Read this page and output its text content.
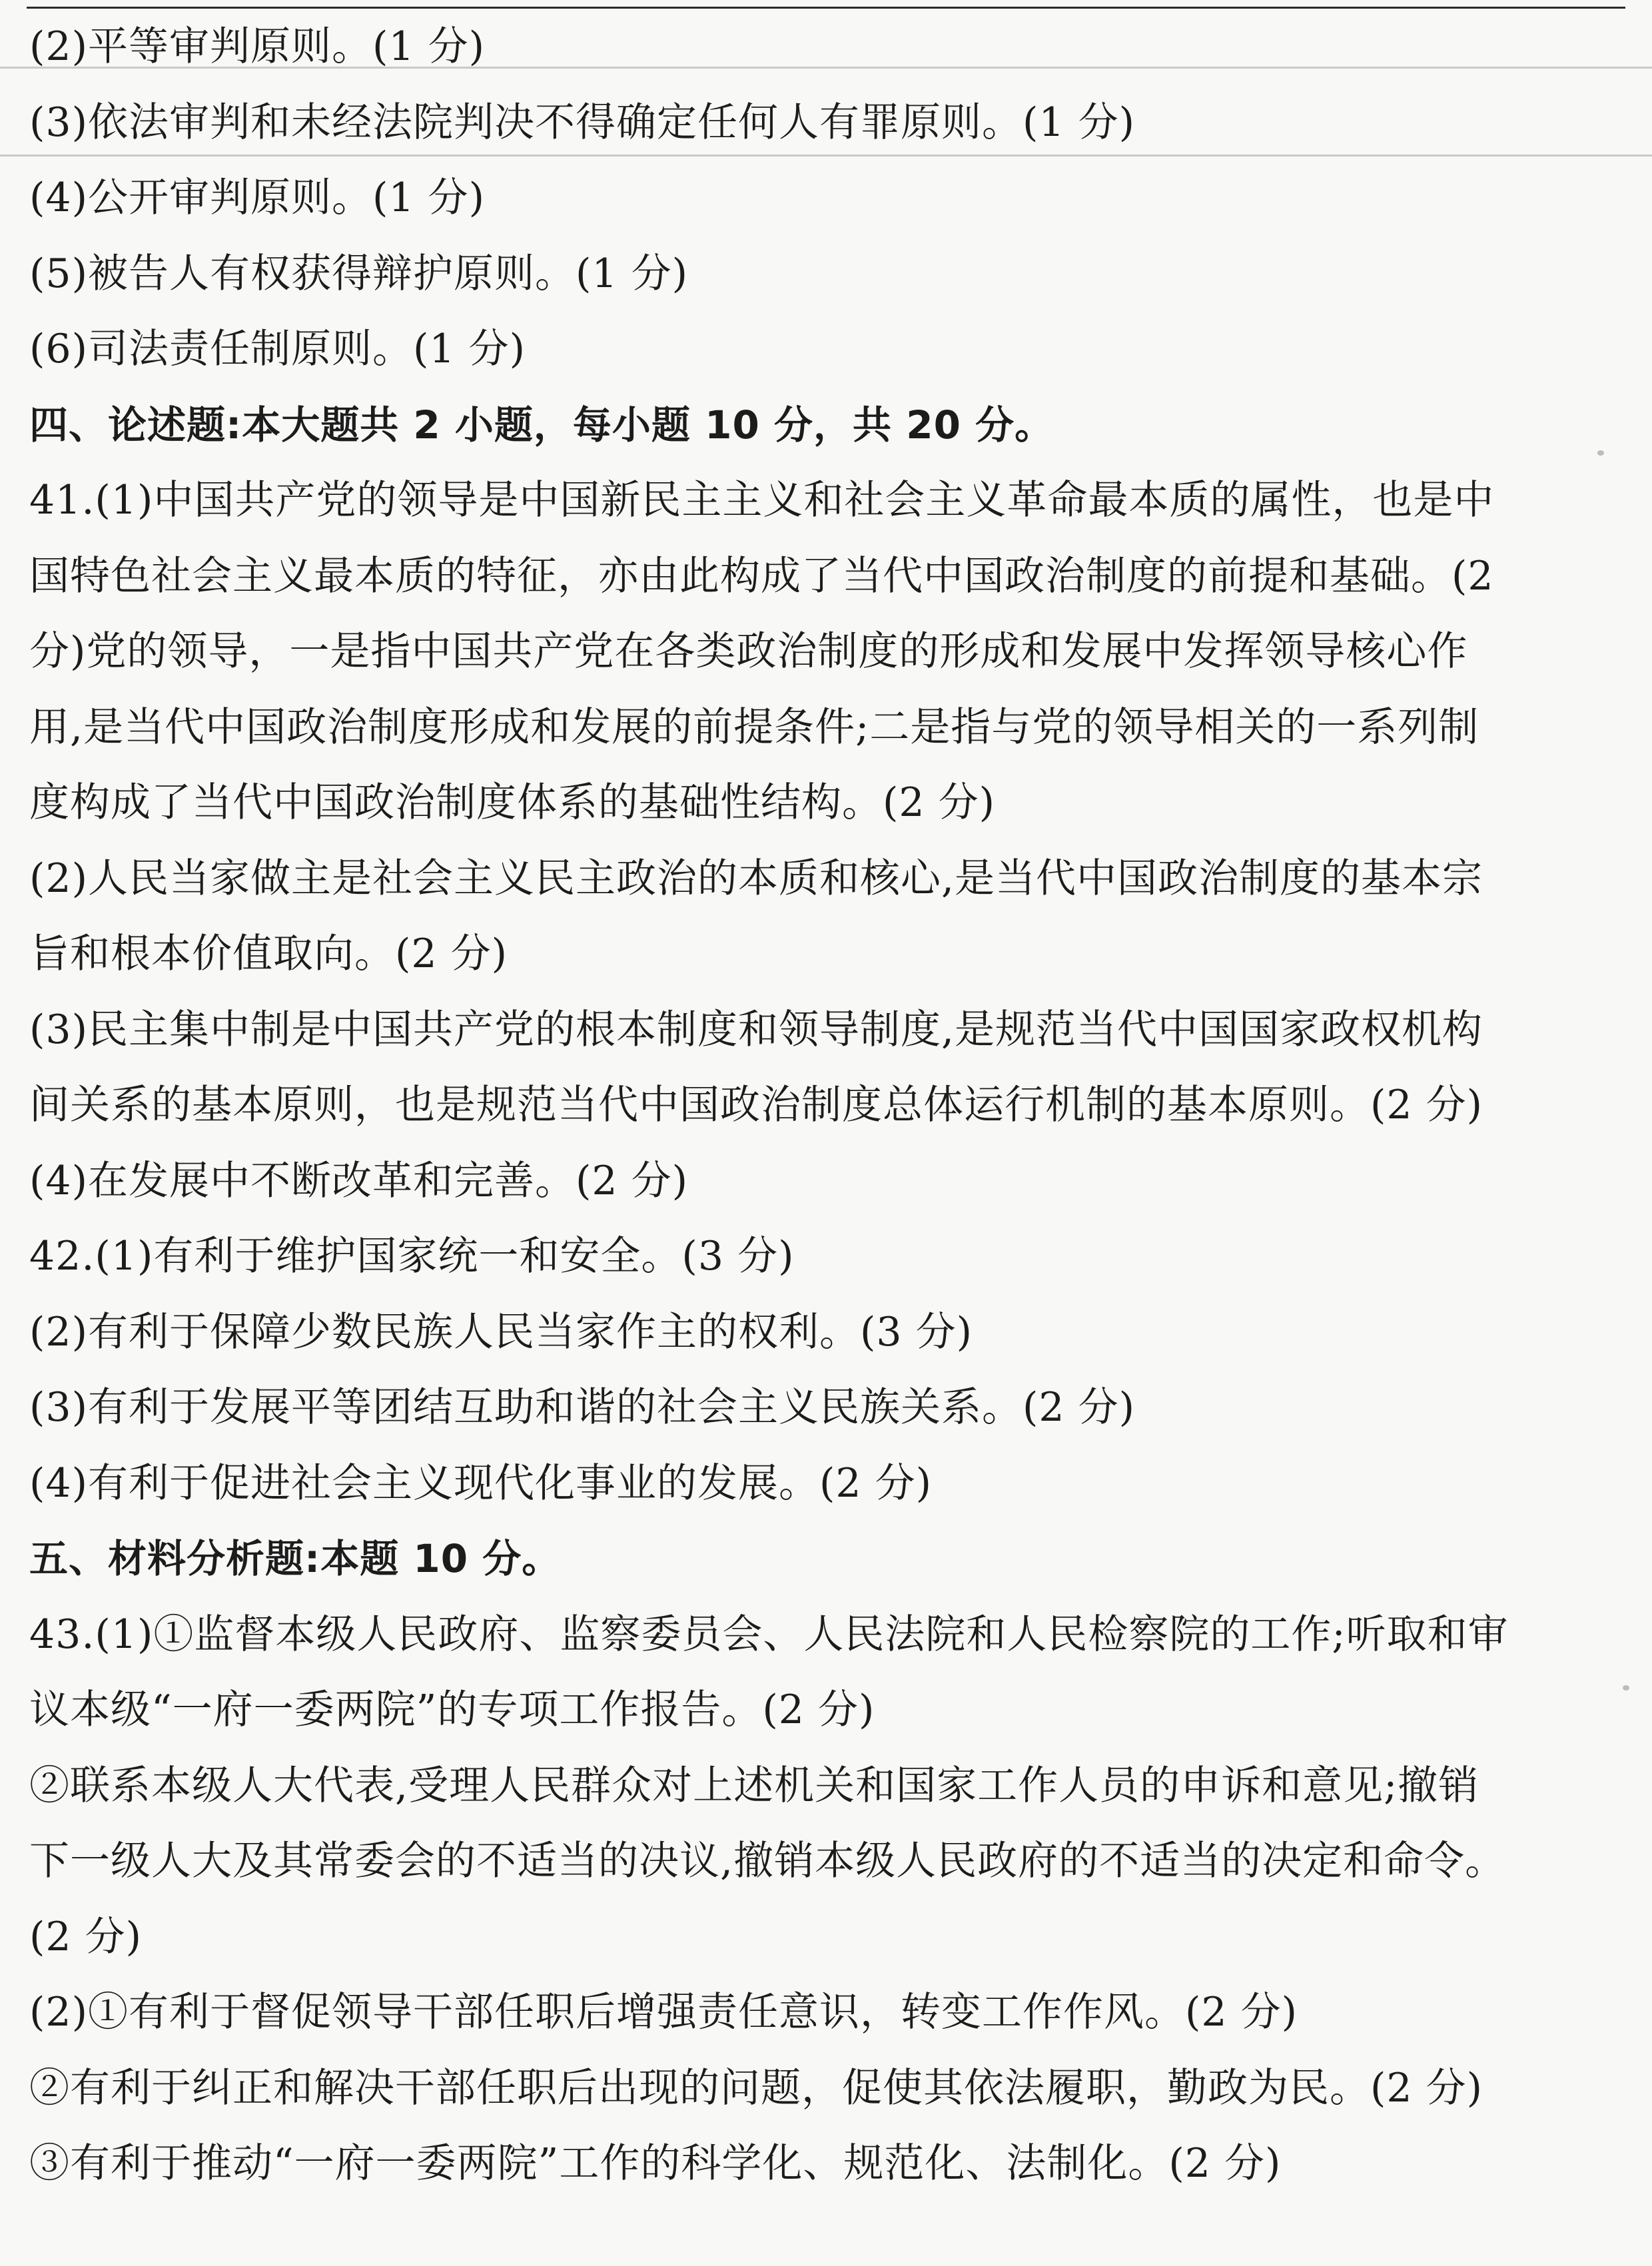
(2)平等审判原则。(1 分)
(3)依法审判和未经法院判决不得确定任何人有罪原则。(1 分)
(4)公开审判原则。(1 分)
(5)被告人有权获得辩护原则。(1 分)
(6)司法责任制原则。(1 分)
四、论述题:本大题共 2 小题，每小题 10 分，共 20 分。
41.(1)中国共产党的领导是中国新民主主义和社会主义革命最本质的属性，也是中
国特色社会主义最本质的特征，亦由此构成了当代中国政治制度的前提和基础。(2
分)党的领导，一是指中国共产党在各类政治制度的形成和发展中发挥领导核心作
用,是当代中国政治制度形成和发展的前提条件;二是指与党的领导相关的一系列制
度构成了当代中国政治制度体系的基础性结构。(2 分)
(2)人民当家做主是社会主义民主政治的本质和核心,是当代中国政治制度的基本宗
旨和根本价值取向。(2 分)
(3)民主集中制是中国共产党的根本制度和领导制度,是规范当代中国国家政权机构
间关系的基本原则，也是规范当代中国政治制度总体运行机制的基本原则。(2 分)
(4)在发展中不断改革和完善。(2 分)
42.(1)有利于维护国家统一和安全。(3 分)
(2)有利于保障少数民族人民当家作主的权利。(3 分)
(3)有利于发展平等团结互助和谐的社会主义民族关系。(2 分)
(4)有利于促进社会主义现代化事业的发展。(2 分)
五、材料分析题:本题 10 分。
43.(1)①监督本级人民政府、监察委员会、人民法院和人民检察院的工作;听取和审
议本级“一府一委两院”的专项工作报告。(2 分)
②联系本级人大代表,受理人民群众对上述机关和国家工作人员的申诉和意见;撤销
下一级人大及其常委会的不适当的决议,撤销本级人民政府的不适当的决定和命令。
(2 分)
(2)①有利于督促领导干部任职后增强责任意识，转变工作作风。(2 分)
②有利于纠正和解决干部任职后出现的问题，促使其依法履职，勤政为民。(2 分)
③有利于推动“一府一委两院”工作的科学化、规范化、法制化。(2 分)
